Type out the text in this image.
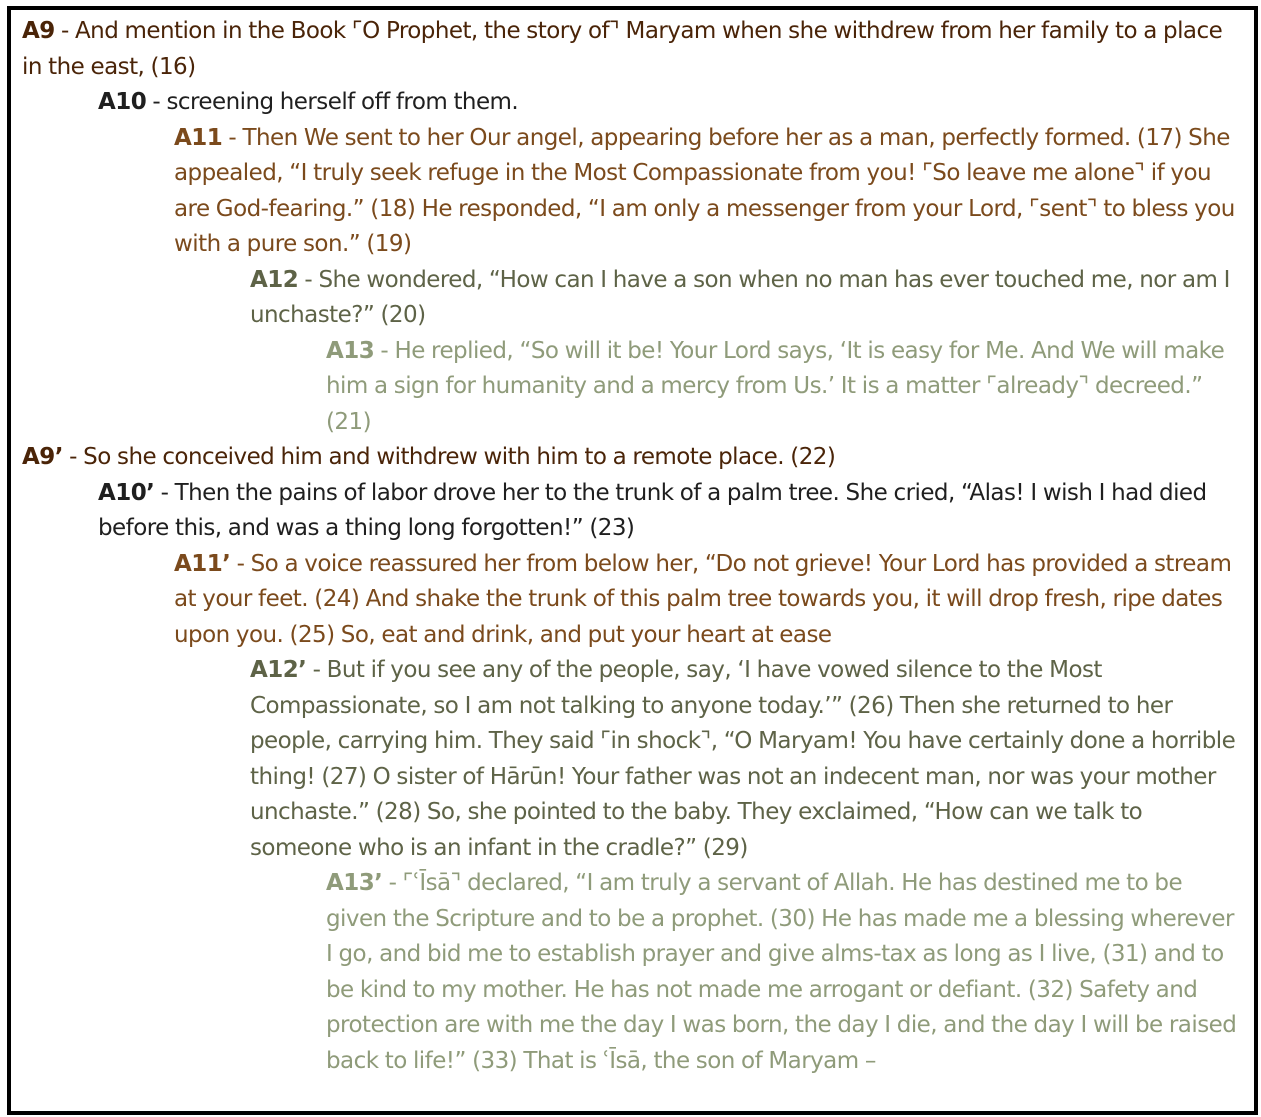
A9 - And mention in the Book ⌜O Prophet, the story of⌝ Maryam when she withdrew from her family to a place in the east, (16)

A10 - screening herself off from them.

A11 - Then We sent to her Our angel, appearing before her as a man, perfectly formed. (17) She appealed, “I truly seek refuge in the Most Compassionate from you! ⌜So leave me alone⌝ if you are God-fearing.” (18) He responded, “I am only a messenger from your Lord, ⌜sent⌝ to bless you with a pure son.” (19)

A12 - She wondered, “How can I have a son when no man has ever touched me, nor am I unchaste?” (20)

A13 - He replied, “So will it be! Your Lord says, ‘It is easy for Me. And We will make him a sign for humanity and a mercy from Us.’ It is a matter ⌜already⌝ decreed.” (21)

A9’ - So she conceived him and withdrew with him to a remote place. (22)

A10’ - Then the pains of labor drove her to the trunk of a palm tree. She cried, “Alas! I wish I had died before this, and was a thing long forgotten!” (23)

A11’ - So a voice reassured her from below her, “Do not grieve! Your Lord has provided a stream at your feet. (24) And shake the trunk of this palm tree towards you, it will drop fresh, ripe dates upon you. (25) So, eat and drink, and put your heart at ease

A12’ - But if you see any of the people, say, ‘I have vowed silence to the Most Compassionate, so I am not talking to anyone today.’” (26) Then she returned to her people, carrying him. They said ⌜in shock⌝, “O Maryam! You have certainly done a horrible thing! (27) O sister of Hārūn! Your father was not an indecent man, nor was your mother unchaste.” (28) So, she pointed to the baby. They exclaimed, “How can we talk to someone who is an infant in the cradle?” (29)

A13’ - ⌜ʿĪsā⌝ declared, “I am truly a servant of Allah. He has destined me to be given the Scripture and to be a prophet. (30) He has made me a blessing wherever I go, and bid me to establish prayer and give alms-tax as long as I live, (31) and to be kind to my mother. He has not made me arrogant or defiant. (32) Safety and protection are with me the day I was born, the day I die, and the day I will be raised back to life!” (33) That is ʿĪsā, the son of Maryam –
